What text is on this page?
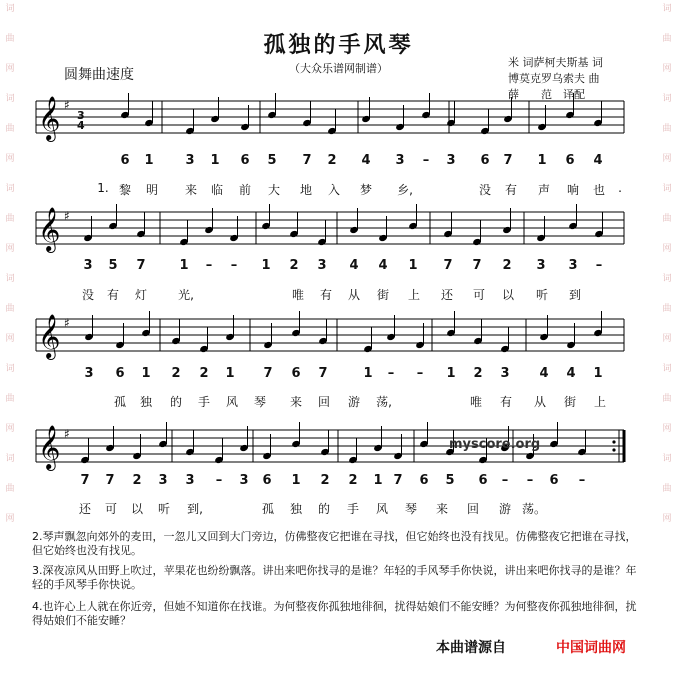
词
曲
网
词
曲
网
词
曲
网
词
曲
网
词
曲
网
词
曲
网
词
曲
网
词
曲
网
词
曲
网
词
曲
网
词
曲
网
词
曲
网
孤独的手风琴
（大众乐谱网制谱）
圆舞曲速度
米 词萨柯夫斯基 词
博莫克罗乌索夫 曲
薛　　范　译配
𝄞 ♯
𝄞 ♯
𝄞 ♯
𝄞 ♯
3
4
6 1 3 1 6 5 7 2 4 3 – 3 6 7 1 6 4
1. 黎 明 来 临 前 大 地 入 梦 乡,	没 有 声 响 也 .
3 5 7	1 – – 1 2 3 4 4 1 7 7 2 3 3 –
没 有 灯	光,	唯 有 从 街 上 还 可 以 听 到
3 6 1 2 2 1 7 6 7	1 – – 1 2 3 4 4 1
孤 独 的 手 风 琴 来 回 游 荡,	唯 有 从 街 上
7 7 2 3 3 – 3 6 1 2 2 1 7 6 5 6 – – 6 –
还 可 以 听 到,	孤 独 的 手 风 琴 来 回 游 荡。
myscore.org
2.琴声飘忽向郊外的麦田，一忽儿又回到大门旁边，仿佛整夜它把谁在寻找，但它始终也没有找见。仿佛整夜它把谁在寻找，但它始终也没有找见。
3.深夜凉风从田野上吹过，苹果花也纷纷飘落。讲出来吧你找寻的是谁？年轻的手风琴手你快说，讲出来吧你找寻的是谁？年轻的手风琴手你快说。
4.也许心上人就在你近旁，但她不知道你在找谁。为何整夜你孤独地徘徊，扰得姑娘们不能安睡？为何整夜你孤独地徘徊，扰得姑娘们不能安睡？
本曲谱源自	中国词曲网
